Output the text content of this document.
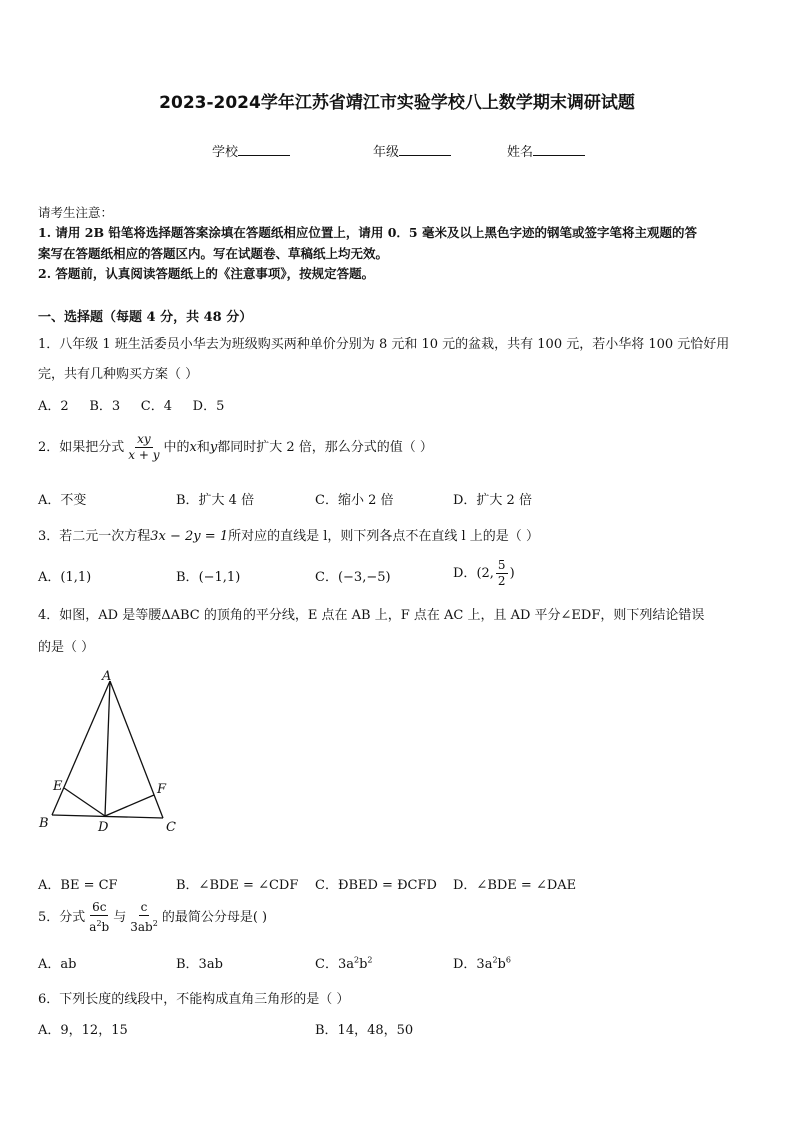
2023-2024学年江苏省靖江市实验学校八上数学期末调研试题
学校	年级	姓名
请考生注意：
1. 请用 2B 铅笔将选择题答案涂填在答题纸相应位置上，请用 0．5 毫米及以上黑色字迹的钢笔或签字笔将主观题的答
案写在答题纸相应的答题区内。写在试题卷、草稿纸上均无效。
2. 答题前，认真阅读答题纸上的《注意事项》，按规定答题。
一、选择题（每题 4 分，共 48 分）
1．八年级 1 班生活委员小华去为班级购买两种单价分别为 8 元和 10 元的盆栽，共有 100 元，若小华将 100 元恰好用
完，共有几种购买方案（ ）
A．2     B．3     C．4     D．5
2．如果把分式 $\frac{xy}{x + y}$ 中的x和y都同时扩大 2 倍，那么分式的值（ ）
A．不变	B．扩大 4 倍	C．缩小 2 倍	D．扩大 2 倍
3．若二元一次方程3x − 2y = 1所对应的直线是 l，则下列各点不在直线 l 上的是（ ）
A．(1,1)	B．(−1,1)	C．(−3,−5)	D．(2, $\frac{5}{2}$ )
4．如图，AD 是等腰ΔABC 的顶角的平分线，E 点在 AB 上，F 点在 AC 上，且 AD 平分∠EDF，则下列结论错误
的是（ ）
A
B	C
D
E	F
A．BE = CF	B．∠BDE = ∠CDF C．ĐBED = ĐCFD D．∠BDE = ∠DAE
5．分式 $\frac{6c}{a^2b}$ 与 $\frac{c}{3ab^2}$ 的最简公分母是( )
A．ab	B．3ab	C．$3a^2b^2$	D．$3a^2b^6$
6．下列长度的线段中，不能构成直角三角形的是（ ）
A．9，12，15	B．14，48，50
